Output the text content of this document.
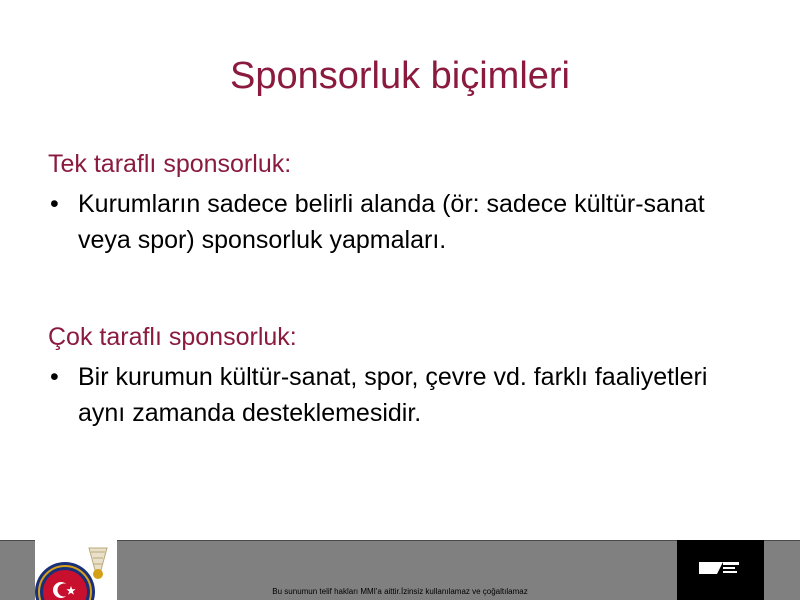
Sponsorluk biçimleri
Tek taraflı sponsorluk:
• Kurumların sadece belirli alanda (ör: sadece kültür-sanat veya spor) sponsorluk yapmaları.
Çok taraflı sponsorluk:
• Bir kurumun kültür-sanat, spor, çevre vd. farklı faaliyetleri aynı zamanda desteklemesidir.
Bu sunumun telif hakları MMI'a aittir.İzinsiz kullanılamaz ve çoğaltılamaz
